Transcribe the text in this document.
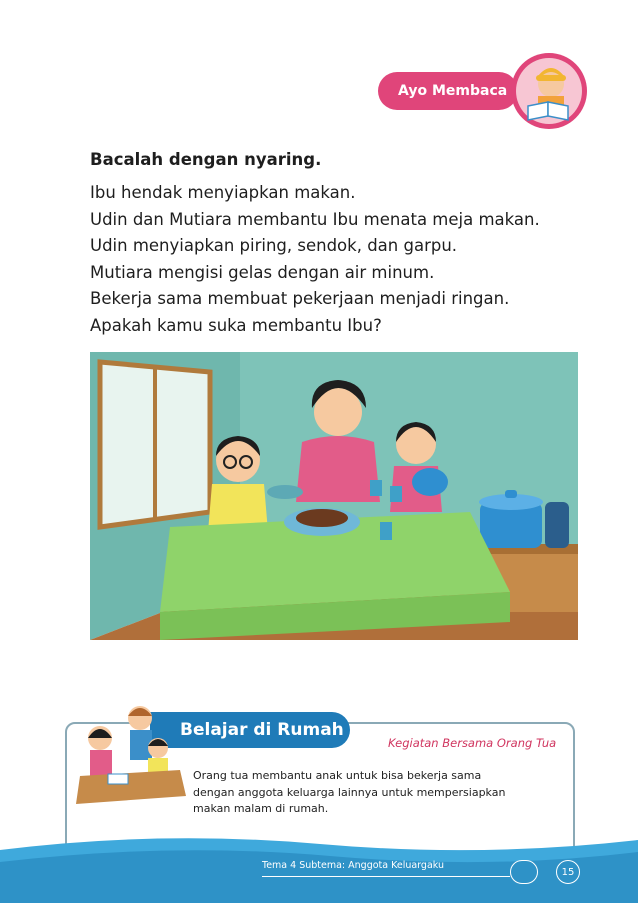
Ayo Membaca
Bacalah dengan nyaring.
Ibu hendak menyiapkan makan.
Udin dan Mutiara membantu Ibu menata meja makan.
Udin menyiapkan piring, sendok, dan garpu.
Mutiara mengisi gelas dengan air minum.
Bekerja sama membuat pekerjaan menjadi ringan.
Apakah kamu suka membantu Ibu?
Belajar di Rumah
Kegiatan Bersama Orang Tua
Orang tua membantu anak untuk bisa bekerja sama
dengan anggota keluarga lainnya untuk mempersiapkan
makan malam di rumah.
Tema 4 Subtema: Anggota Keluargaku
15
